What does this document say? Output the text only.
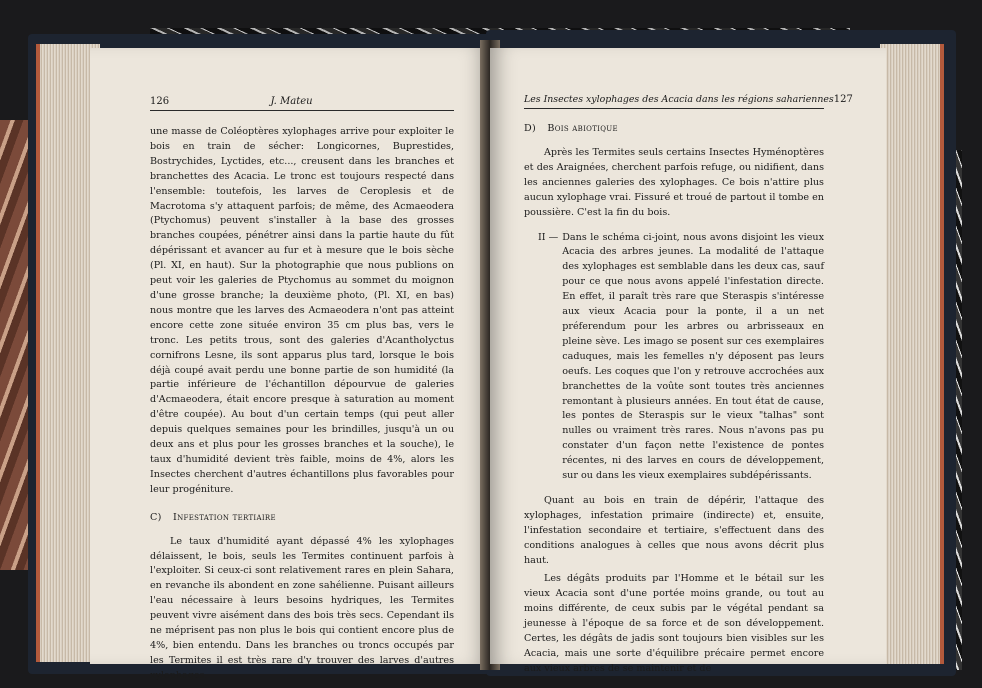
126	J. Mateu

une masse de Coléoptères xylophages arrive pour exploiter le bois en train de sécher: Longicornes, Buprestides, Bostrychides, Lyctides, etc..., creusent dans les branches et branchettes des Acacia. Le tronc est toujours respecté dans l'ensemble: toutefois, les larves de Ceroplesis et de Macrotoma s'y attaquent parfois; de même, des Acmaeodera (Ptychomus) peuvent s'installer à la base des grosses branches coupées, pénétrer ainsi dans la partie haute du fût dépérissant et avancer au fur et à mesure que le bois sèche (Pl. XI, en haut). Sur la photographie que nous publions on peut voir les galeries de Ptychomus au sommet du moignon d'une grosse branche; la deuxième photo, (Pl. XI, en bas) nous montre que les larves des Acmaeodera n'ont pas atteint encore cette zone située environ 35 cm plus bas, vers le tronc. Les petits trous, sont des galeries d'Acantholyctus cornifrons Lesne, ils sont apparus plus tard, lorsque le bois déjà coupé avait perdu une bonne partie de son humidité (la partie inférieure de l'échantillon dépourvue de galeries d'Acmaeodera, était encore presque à saturation au moment d'être coupée). Au bout d'un certain temps (qui peut aller depuis quelques semaines pour les brindilles, jusqu'à un ou deux ans et plus pour les grosses branches et la souche), le taux d'humidité devient très faible, moins de 4%, alors les Insectes cherchent d'autres échantillons plus favorables pour leur progéniture.

C) Infestation tertiaire

Le taux d'humidité ayant dépassé 4% les xylophages délaissent, le bois, seuls les Termites continuent parfois à l'exploiter. Si ceux-ci sont relativement rares en plein Sahara, en revanche ils abondent en zone sahélienne. Puisant ailleurs l'eau nécessaire à leurs besoins hydriques, les Termites peuvent vivre aisément dans des bois très secs. Cependant ils ne méprisent pas non plus le bois qui contient encore plus de 4%, bien entendu. Dans les branches ou troncs occupés par les Termites il est très rare d'y trouver des larves d'autres xylophages.

Les Insectes xylophages des Acacia dans les régions sahariennes 127
D) Bois abiotique

Après les Termites seuls certains Insectes Hyménoptères et des Araignées, cherchent parfois refuge, ou nidifient, dans les anciennes galeries des xylophages. Ce bois n'attire plus aucun xylophage vrai. Fissuré et troué de partout il tombe en poussière. C'est la fin du bois.

II — Dans le schéma ci-joint, nous avons disjoint les vieux Acacia des arbres jeunes. La modalité de l'attaque des xylophages est semblable dans les deux cas, sauf pour ce que nous avons appelé l'infestation directe. En effet, il paraît très rare que Steraspis s'intéresse aux vieux Acacia pour la ponte, il a un net préferendum pour les arbres ou arbrisseaux en pleine sève. Les imago se posent sur ces exemplaires caduques, mais les femelles n'y déposent pas leurs oeufs. Les coques que l'on y retrouve accrochées aux branchettes de la voûte sont toutes très anciennes remontant à plusieurs années. En tout état de cause, les pontes de Steraspis sur le vieux "talhas" sont nulles ou vraiment très rares. Nous n'avons pas pu constater d'un façon nette l'existence de pontes récentes, ni des larves en cours de développement, sur ou dans les vieux exemplaires subdépérissants.

Quant au bois en train de dépérir, l'attaque des xylophages, infestation primaire (indirecte) et, ensuite, l'infestation secondaire et tertiaire, s'effectuent dans des conditions analogues à celles que nous avons décrit plus haut.

Les dégâts produits par l'Homme et le bétail sur les vieux Acacia sont d'une portée moins grande, ou tout au moins différente, de ceux subis par le végétal pendant sa jeunesse à l'époque de sa force et de son développement. Certes, les dégâts de jadis sont toujours bien visibles sur les Acacia, mais une sorte d'équilibre précaire permet encore aux vieux arbres de se maintenir et de
